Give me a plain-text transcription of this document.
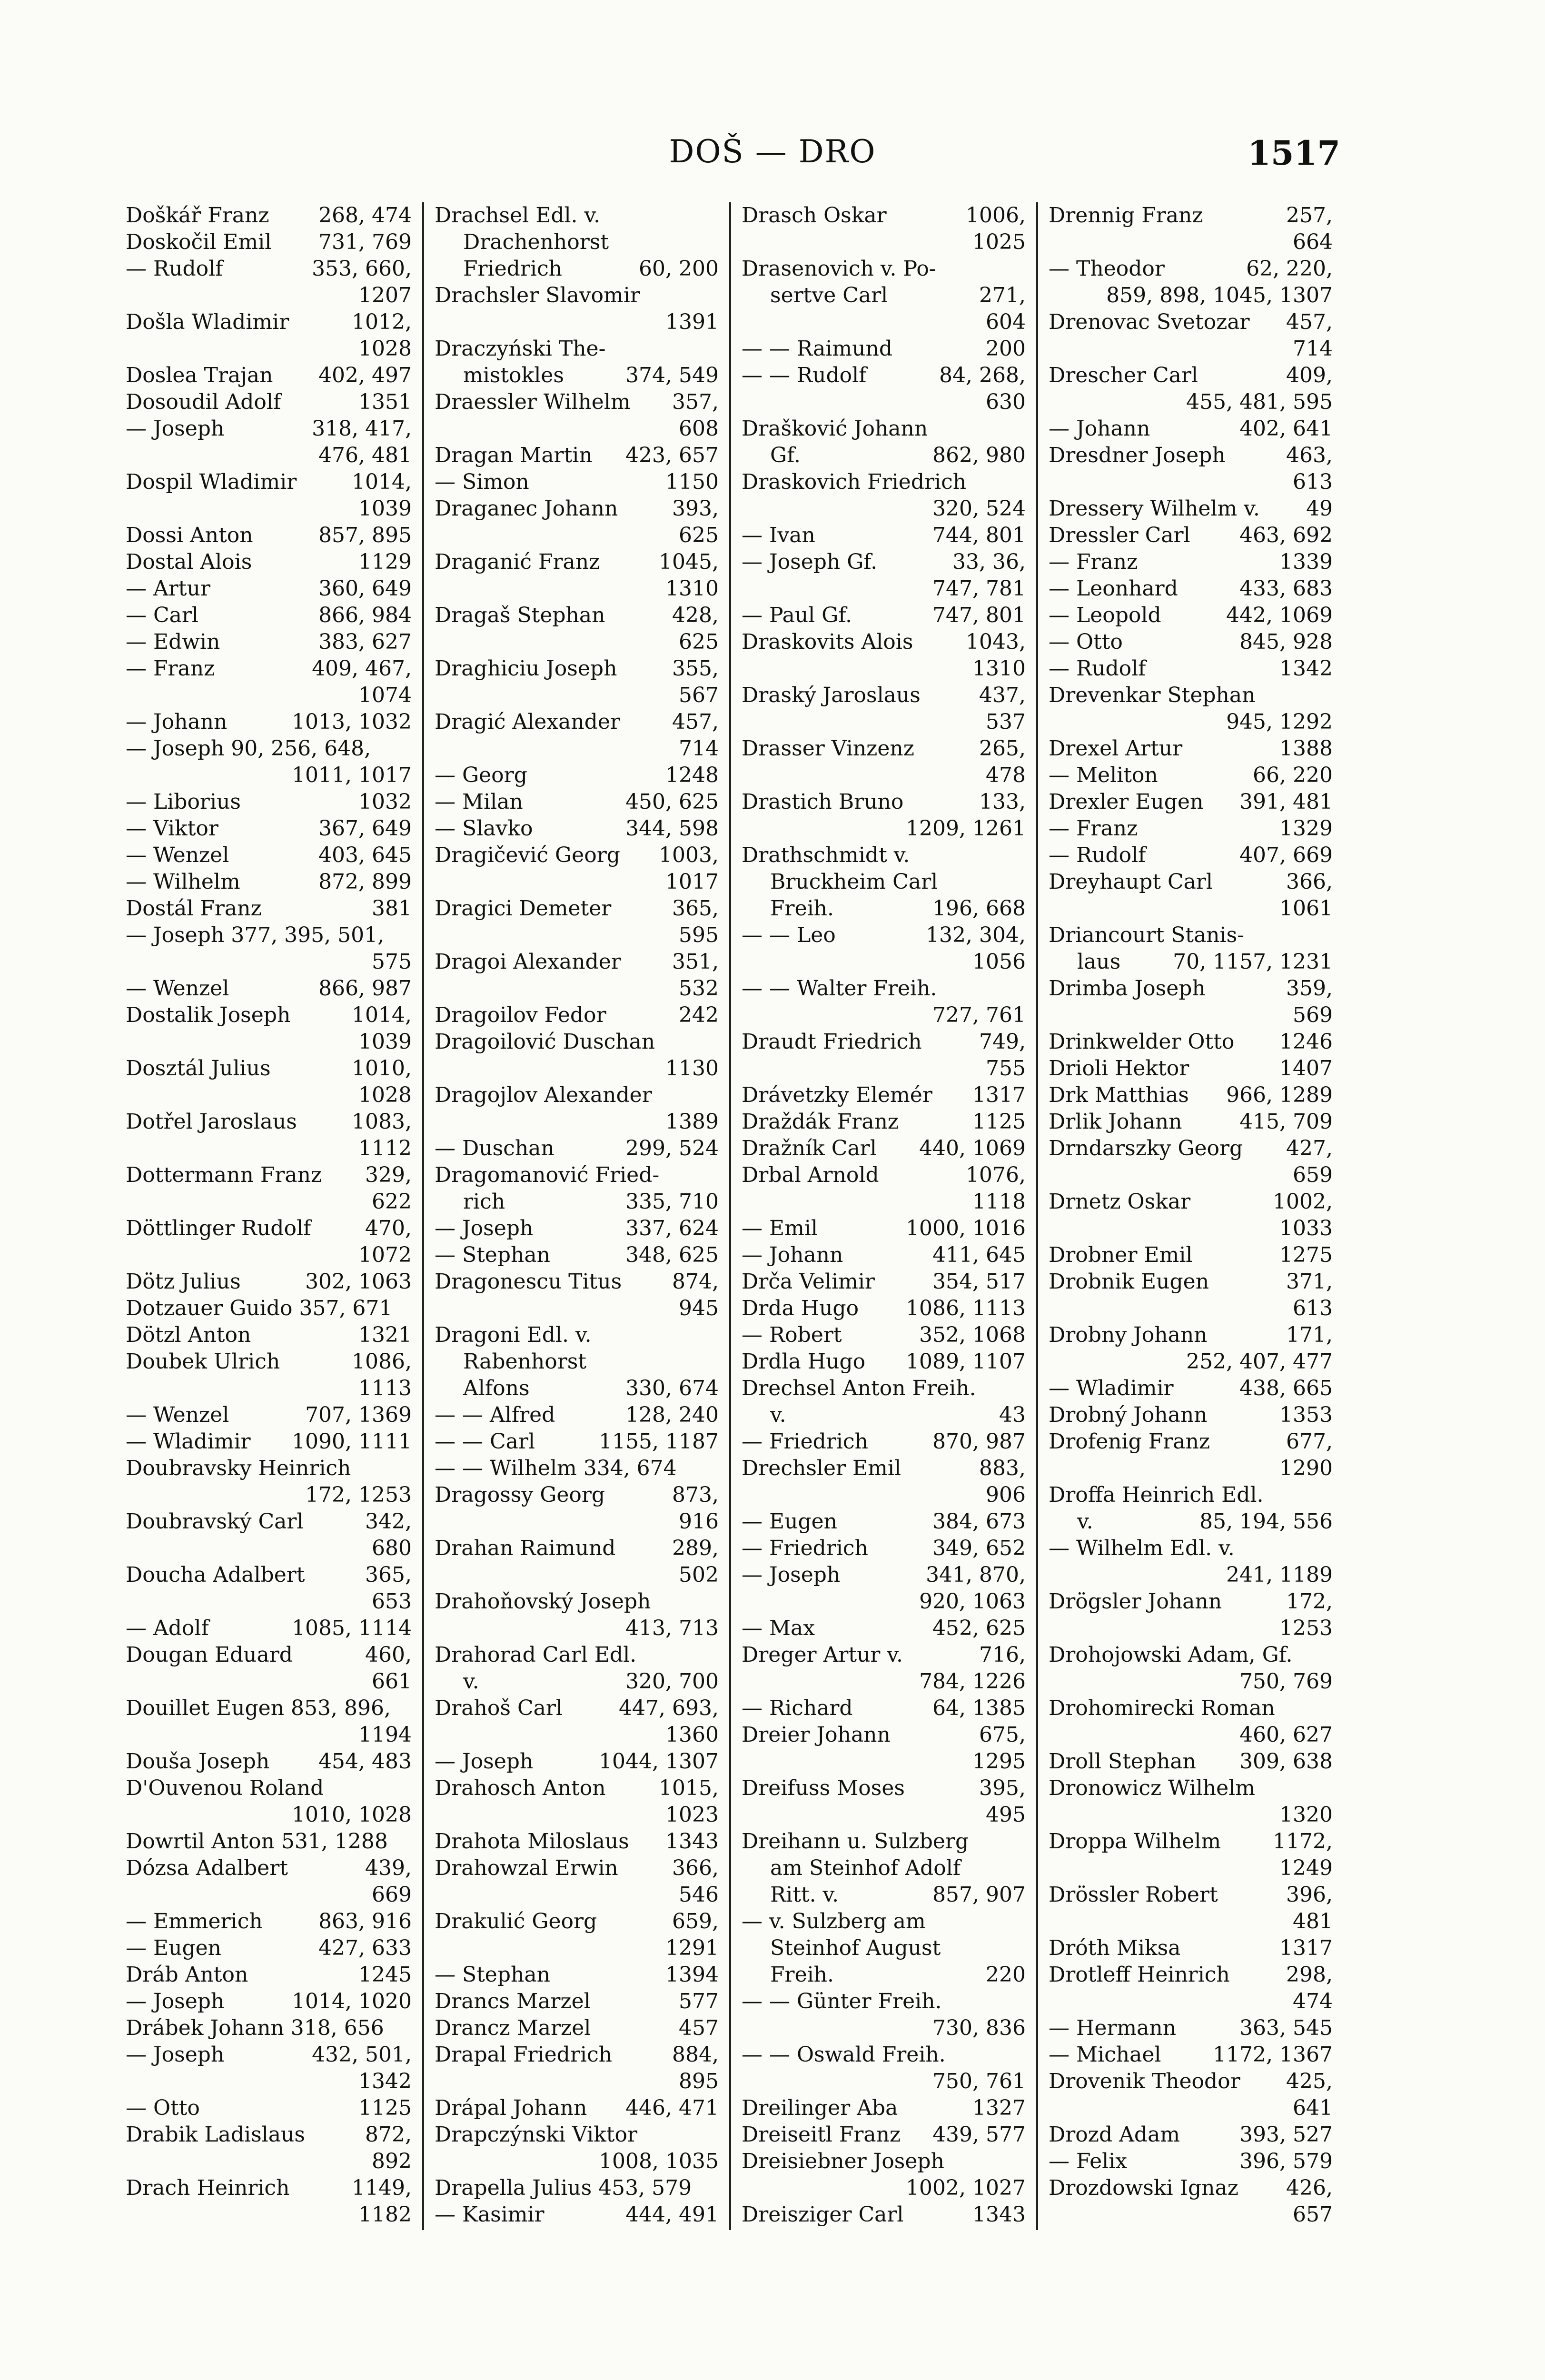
DOŠ — DRO	1517
Doškář Franz	268, 474
Doskočil Emil	731, 769
— Rudolf	353, 660,
1207
Došla Wladimir	1012,
1028
Doslea Trajan	402, 497
Dosoudil Adolf	1351
— Joseph	318, 417,
476, 481
Dospil Wladimir	1014,
1039
Dossi Anton	857, 895
Dostal Alois	1129
— Artur	360, 649
— Carl	866, 984
— Edwin	383, 627
— Franz	409, 467,
1074
— Johann	1013, 1032
— Joseph 90, 256, 648,
1011, 1017
— Liborius	1032
— Viktor	367, 649
— Wenzel	403, 645
— Wilhelm	872, 899
Dostál Franz	381
— Joseph 377, 395, 501,
575
— Wenzel	866, 987
Dostalik Joseph	1014,
1039
Dosztál Julius	1010,
1028
Dotřel Jaroslaus	1083,
1112
Dottermann Franz	329,
622
Döttlinger Rudolf	470,
1072
Dötz Julius	302, 1063
Dotzauer Guido 357, 671
Dötzl Anton	1321
Doubek Ulrich	1086,
1113
— Wenzel	707, 1369
— Wladimir	1090, 1111
Doubravsky Heinrich
172, 1253
Doubravský Carl	342,
680
Doucha Adalbert	365,
653
— Adolf	1085, 1114
Dougan Eduard	460,
661
Douillet Eugen 853, 896,
1194
Douša Joseph	454, 483
D'Ouvenou Roland
1010, 1028
Dowrtil Anton 531, 1288
Dózsa Adalbert	439,
669
— Emmerich	863, 916
— Eugen	427, 633
Dráb Anton	1245
— Joseph	1014, 1020
Drábek Johann 318, 656
— Joseph	432, 501,
1342
— Otto	1125
Drabik Ladislaus	872,
892
Drach Heinrich	1149,
1182
Drachsel Edl. v.
Drachenhorst
Friedrich	60, 200
Drachsler Slavomir
1391
Draczyński The-
mistokles	374, 549
Draessler Wilhelm	357,
608
Dragan Martin	423, 657
— Simon	1150
Draganec Johann	393,
625
Draganić Franz	1045,
1310
Dragaš Stephan	428,
625
Draghiciu Joseph	355,
567
Dragić Alexander	457,
714
— Georg	1248
— Milan	450, 625
— Slavko	344, 598
Dragičević Georg	1003,
1017
Dragici Demeter	365,
595
Dragoi Alexander	351,
532
Dragoilov Fedor	242
Dragoilović Duschan
1130
Dragojlov Alexander
1389
— Duschan	299, 524
Dragomanović Fried-
rich	335, 710
— Joseph	337, 624
— Stephan	348, 625
Dragonescu Titus	874,
945
Dragoni Edl. v.
Rabenhorst
Alfons	330, 674
— — Alfred	128, 240
— — Carl	1155, 1187
— — Wilhelm 334, 674
Dragossy Georg	873,
916
Drahan Raimund	289,
502
Drahoňovský Joseph
413, 713
Drahorad Carl Edl.
v.	320, 700
Drahoš Carl	447, 693,
1360
— Joseph	1044, 1307
Drahosch Anton	1015,
1023
Drahota Miloslaus	1343
Drahowzal Erwin	366,
546
Drakulić Georg	659,
1291
— Stephan	1394
Drancs Marzel	577
Drancz Marzel	457
Drapal Friedrich	884,
895
Drápal Johann	446, 471
Drapczýnski Viktor
1008, 1035
Drapella Julius 453, 579
— Kasimir	444, 491
Drasch Oskar	1006,
1025
Drasenovich v. Po-
sertve Carl	271,
604
— — Raimund	200
— — Rudolf	84, 268,
630
Drašković Johann
Gf.	862, 980
Draskovich Friedrich
320, 524
— Ivan	744, 801
— Joseph Gf.	33, 36,
747, 781
— Paul Gf.	747, 801
Draskovits Alois	1043,
1310
Draský Jaroslaus	437,
537
Drasser Vinzenz	265,
478
Drastich Bruno	133,
1209, 1261
Drathschmidt v.
Bruckheim Carl
Freih.	196, 668
— — Leo	132, 304,
1056
— — Walter Freih.
727, 761
Draudt Friedrich	749,
755
Drávetzky Elemér	1317
Draždák Franz	1125
Dražník Carl	440, 1069
Drbal Arnold	1076,
1118
— Emil	1000, 1016
— Johann	411, 645
Drča Velimir	354, 517
Drda Hugo	1086, 1113
— Robert	352, 1068
Drdla Hugo	1089, 1107
Drechsel Anton Freih.
v.	43
— Friedrich	870, 987
Drechsler Emil	883,
906
— Eugen	384, 673
— Friedrich	349, 652
— Joseph	341, 870,
920, 1063
— Max	452, 625
Dreger Artur v.	716,
784, 1226
— Richard	64, 1385
Dreier Johann	675,
1295
Dreifuss Moses	395,
495
Dreihann u. Sulzberg
am Steinhof Adolf
Ritt. v.	857, 907
— v. Sulzberg am
Steinhof August
Freih.	220
— — Günter Freih.
730, 836
— — Oswald Freih.
750, 761
Dreilinger Aba	1327
Dreiseitl Franz	439, 577
Dreisiebner Joseph
1002, 1027
Dreisziger Carl	1343
Drennig Franz	257,
664
— Theodor	62, 220,
859, 898, 1045, 1307
Drenovac Svetozar	457,
714
Drescher Carl	409,
455, 481, 595
— Johann	402, 641
Dresdner Joseph	463,
613
Dressery Wilhelm v.	49
Dressler Carl	463, 692
— Franz	1339
— Leonhard	433, 683
— Leopold	442, 1069
— Otto	845, 928
— Rudolf	1342
Drevenkar Stephan
945, 1292
Drexel Artur	1388
— Meliton	66, 220
Drexler Eugen	391, 481
— Franz	1329
— Rudolf	407, 669
Dreyhaupt Carl	366,
1061
Driancourt Stanis-
laus	70, 1157, 1231
Drimba Joseph	359,
569
Drinkwelder Otto	1246
Drioli Hektor	1407
Drk Matthias	966, 1289
Drlik Johann	415, 709
Drndarszky Georg	427,
659
Drnetz Oskar	1002,
1033
Drobner Emil	1275
Drobnik Eugen	371,
613
Drobny Johann	171,
252, 407, 477
— Wladimir	438, 665
Drobný Johann	1353
Drofenig Franz	677,
1290
Droffa Heinrich Edl.
v.	85, 194, 556
— Wilhelm Edl. v.
241, 1189
Drögsler Johann	172,
1253
Drohojowski Adam, Gf.
750, 769
Drohomirecki Roman
460, 627
Droll Stephan	309, 638
Dronowicz Wilhelm
1320
Droppa Wilhelm	1172,
1249
Drössler Robert	396,
481
Dróth Miksa	1317
Drotleff Heinrich	298,
474
— Hermann	363, 545
— Michael	1172, 1367
Drovenik Theodor	425,
641
Drozd Adam	393, 527
— Felix	396, 579
Drozdowski Ignaz	426,
657
